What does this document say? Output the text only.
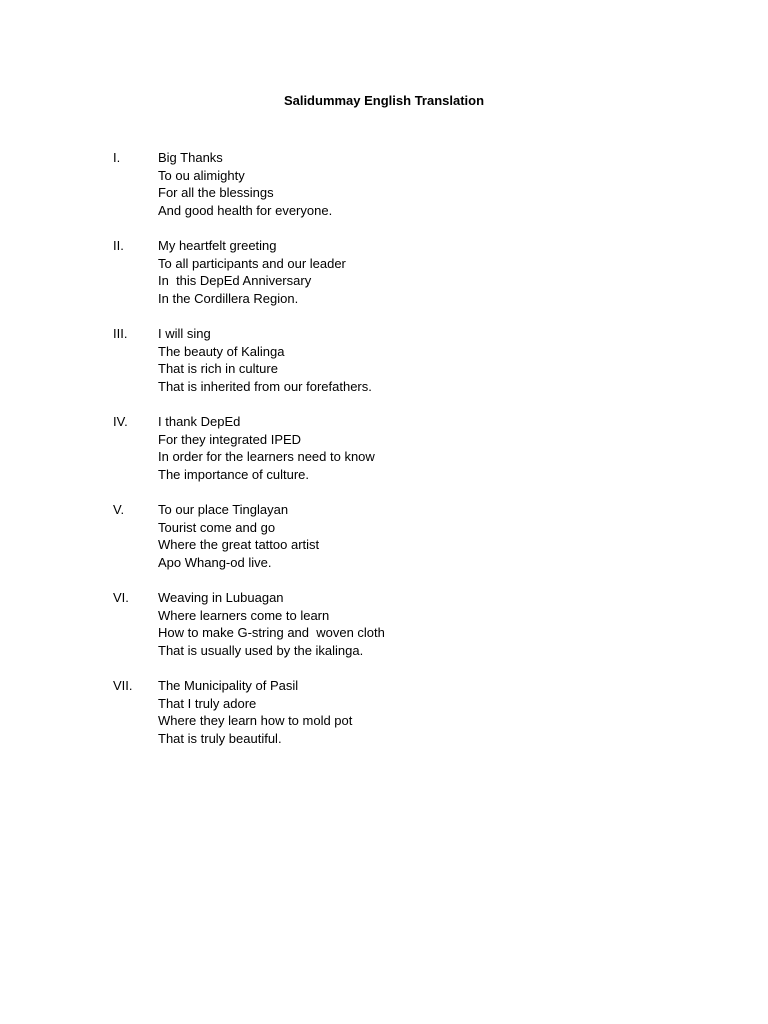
Salidummay English Translation
I.	Big Thanks
To ou alimighty
For all the blessings
And good health for everyone.
II.	My heartfelt greeting
To all participants and our leader
In  this DepEd Anniversary
In the Cordillera Region.
III. I will sing
The beauty of Kalinga
That is rich in culture
That is inherited from our forefathers.
IV. I thank DepEd
For they integrated IPED
In order for the learners need to know
The importance of culture.
V.	To our place Tinglayan
Tourist come and go
Where the great tattoo artist
Apo Whang-od live.
VI. Weaving in Lubuagan
Where learners come to learn
How to make G-string and  woven cloth
That is usually used by the ikalinga.
VII. The Municipality of Pasil
That I truly adore
Where they learn how to mold pot
That is truly beautiful.
